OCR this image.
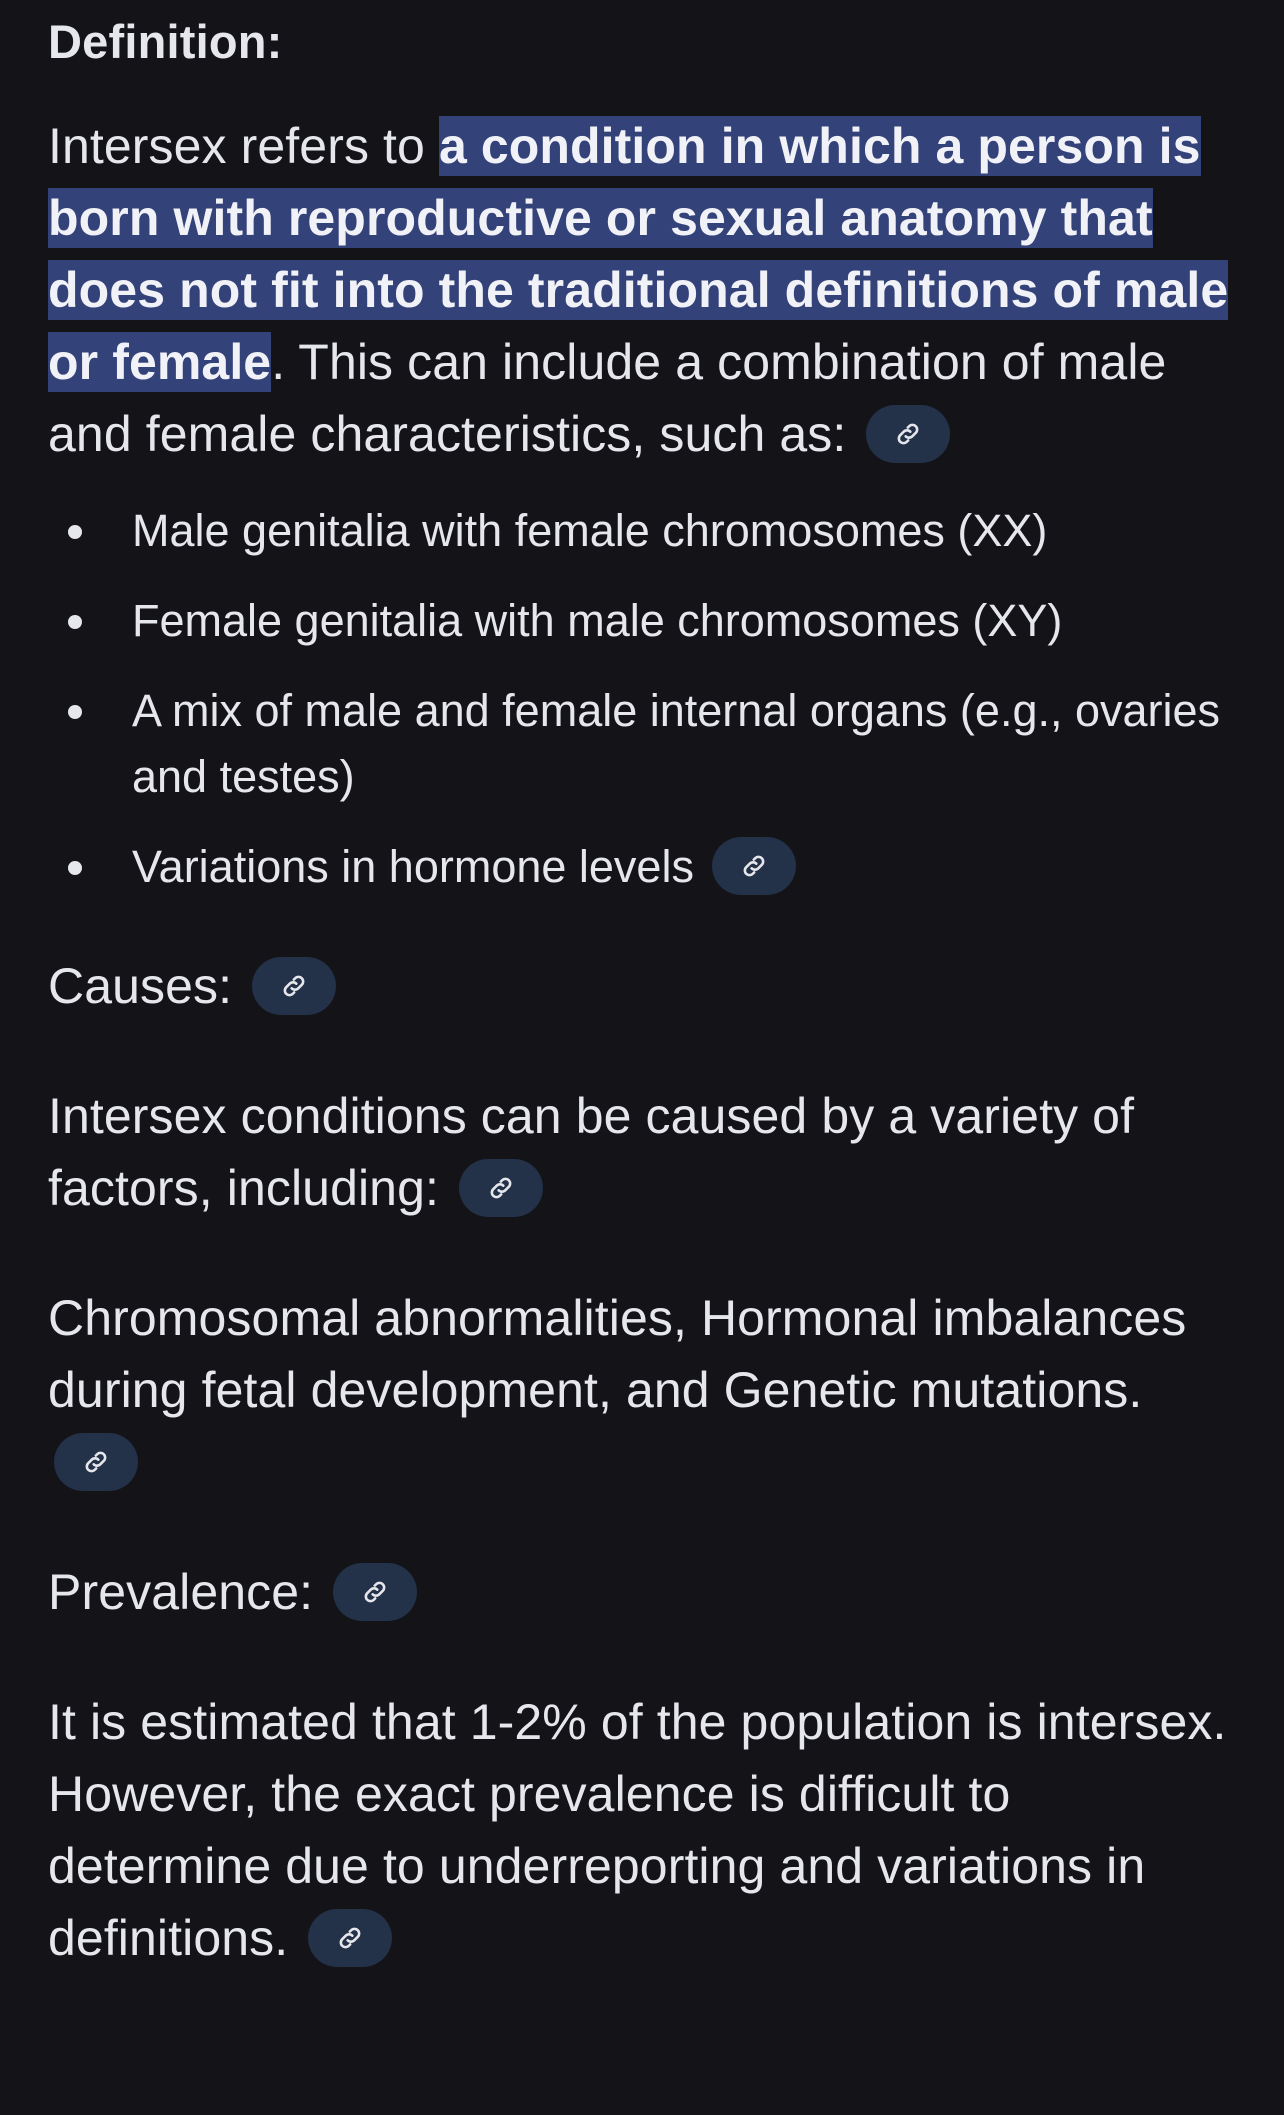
Definition:

Intersex refers to a condition in which a person is born with reproductive or sexual anatomy that does not fit into the traditional definitions of male or female. This can include a combination of male and female characteristics, such as:

Male genitalia with female chromosomes (XX)
Female genitalia with male chromosomes (XY)
A mix of male and female internal organs (e.g., ovaries and testes)
Variations in hormone levels

Causes:

Intersex conditions can be caused by a variety of factors, including:

Chromosomal abnormalities, Hormonal imbalances during fetal development, and Genetic mutations.

Prevalence:

It is estimated that 1-2% of the population is intersex. However, the exact prevalence is difficult to determine due to underreporting and variations in definitions.
